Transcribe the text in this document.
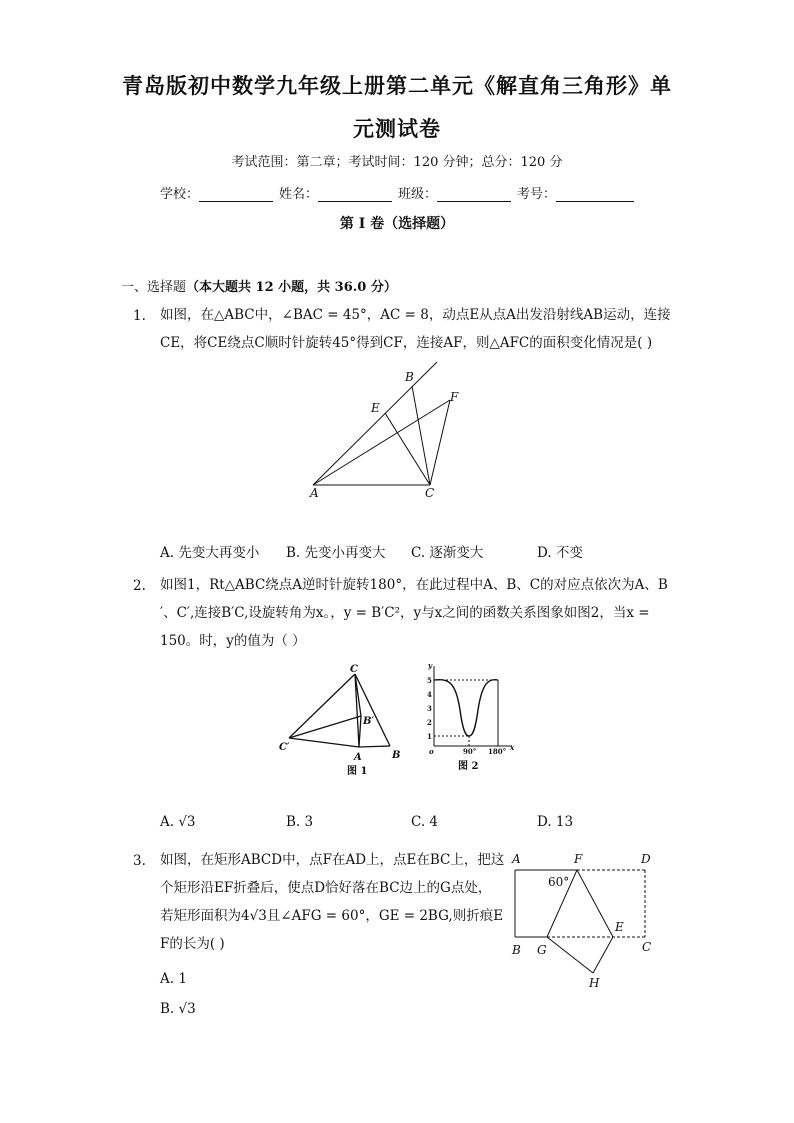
青岛版初中数学九年级上册第二单元《解直角三角形》单
元测试卷
考试范围：第二章；考试时间：120 分钟；总分：120 分
学校：	姓名：	班级：	考号：
第 I 卷（选择题）
一、选择题（本大题共 12 小题，共 36.0 分）
1. 如图，在△ABC中，∠BAC = 45°，AC = 8，动点E从点A出发沿射线AB运动，连接
CE，将CE绕点C顺时针旋转45°得到CF，连接AF，则△AFC的面积变化情况是( )
B
E
F
A	C
A. 先变大再变小 B. 先变小再变大 C. 逐渐变大	D. 不变
2. 如图1，Rt△ABC绕点A逆时针旋转180°，在此过程中A、B、C的对应点依次为A、B
′、C′,连接B′C,设旋转角为x。，y = B′C²，y与x之间的函数关系图象如图2，当x =
150。时，y的值为（ ）
C
B′
C′
A	B
图 1
y
5
4
3
2
1
o	90° 180° x
图 2
A. √3	B. 3	C. 4	D. 13
3. 如图，在矩形ABCD中，点F在AD上，点E在BC上，把这
个矩形沿EF折叠后，使点D恰好落在BC边上的G点处，
若矩形面积为4√3且∠AFG = 60°，GE = 2BG,则折痕E
F的长为( )
A. 1
B. √3
A	F	D
60°
E
B G	C
H
